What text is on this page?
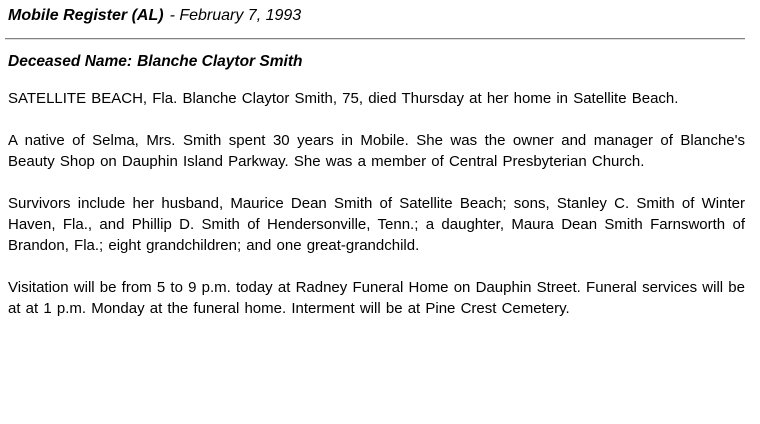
Mobile Register (AL) - February 7, 1993
Deceased Name: Blanche Claytor Smith

SATELLITE BEACH, Fla. Blanche Claytor Smith, 75, died Thursday at her home in Satellite Beach.

A native of Selma, Mrs. Smith spent 30 years in Mobile. She was the owner and manager of Blanche's Beauty Shop on Dauphin Island Parkway. She was a member of Central Presbyterian Church.

Survivors include her husband, Maurice Dean Smith of Satellite Beach; sons, Stanley C. Smith of Winter Haven, Fla., and Phillip D. Smith of Hendersonville, Tenn.; a daughter, Maura Dean Smith Farnsworth of Brandon, Fla.; eight grandchildren; and one great-grandchild.

Visitation will be from 5 to 9 p.m. today at Radney Funeral Home on Dauphin Street. Funeral services will be at at 1 p.m. Monday at the funeral home. Interment will be at Pine Crest Cemetery.
